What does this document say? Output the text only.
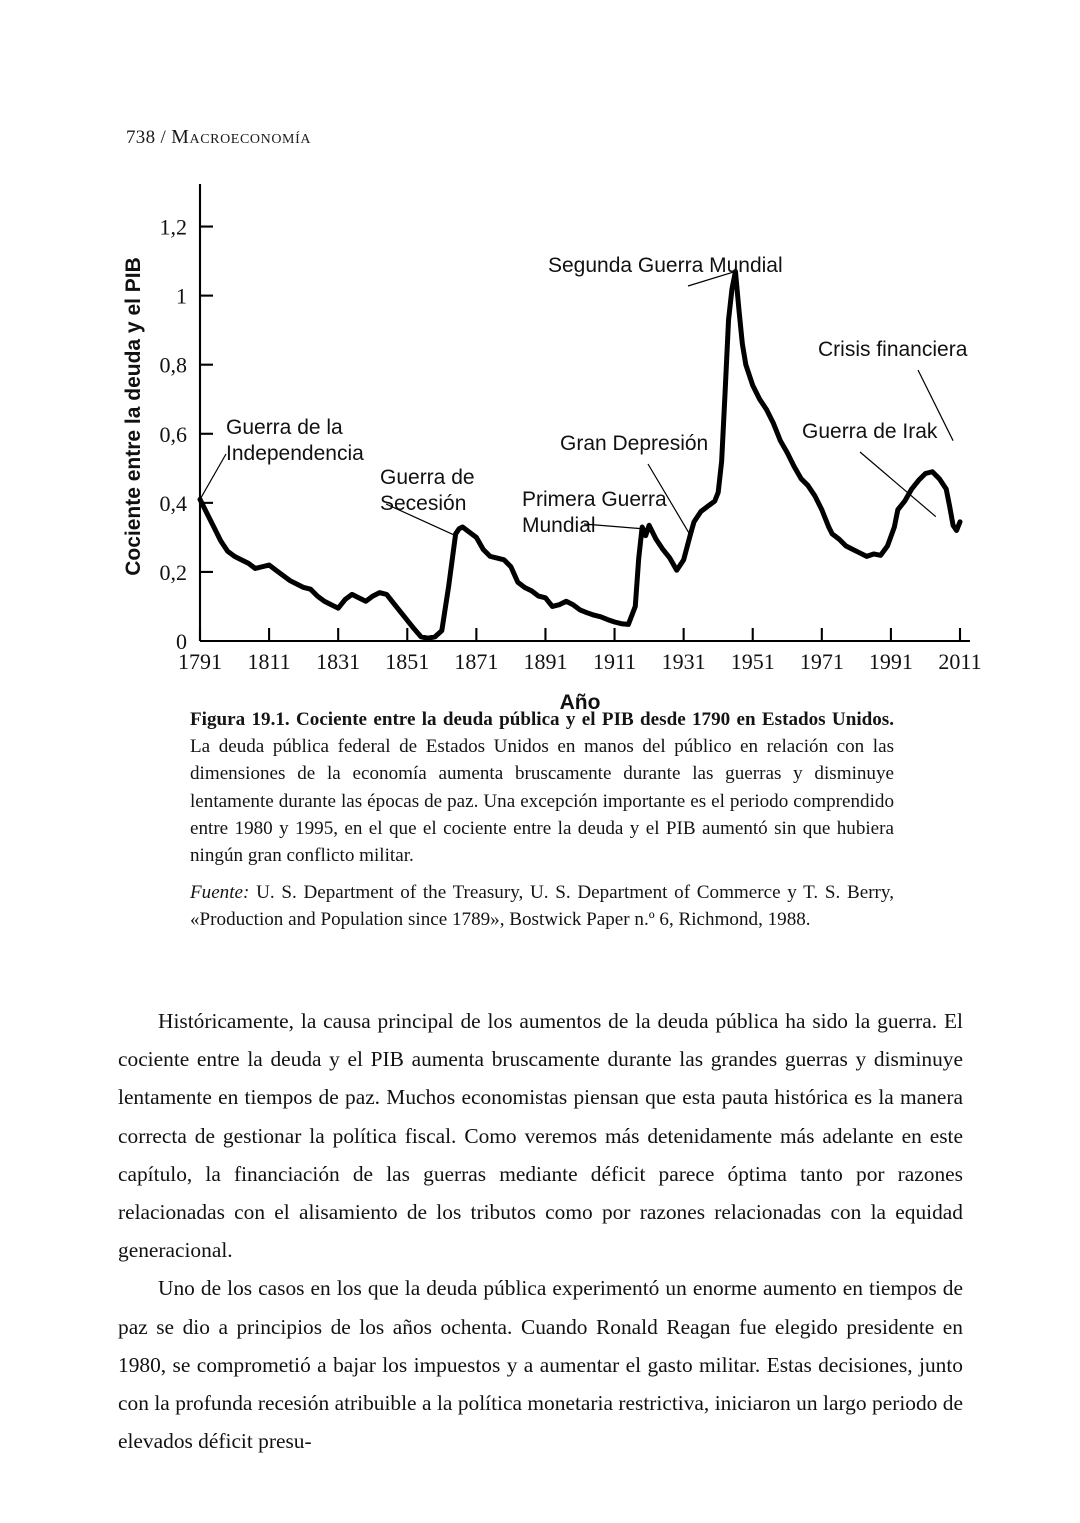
738 / Macroeconomía
0
0,2
0,4
0,6
0,8
1
1,2
1791 1811 1831 1851 1871 1891 1911 1931 1951 1971 1991 2011
Año
Cociente entre la deuda y el PIB	Guerra de la
Independencia
Guerra de
Secesión	Primera Guerra
Mundial
Gran Depresión
Segunda Guerra Mundial
Guerra de Irak
Crisis financiera

Figura 19.1. Cociente entre la deuda pública y el PIB desde 1790 en Estados Unidos. La deuda pública federal de Estados Unidos en manos del público en relación con las dimensiones de la economía aumenta bruscamente durante las guerras y disminuye lentamente durante las épocas de paz. Una excepción importante es el periodo comprendido entre 1980 y 1995, en el que el cociente entre la deuda y el PIB aumentó sin que hubiera ningún gran conflicto militar.

Fuente: U. S. Department of the Treasury, U. S. Department of Commerce y T. S. Berry, «Production and Population since 1789», Bostwick Paper n.º 6, Richmond, 1988.

Históricamente, la causa principal de los aumentos de la deuda pública ha sido la guerra. El cociente entre la deuda y el PIB aumenta bruscamente durante las grandes guerras y disminuye lentamente en tiempos de paz. Muchos economistas piensan que esta pauta histórica es la manera correcta de gestionar la política fiscal. Como veremos más detenidamente más adelante en este capítulo, la financiación de las guerras mediante déficit parece óptima tanto por razones relacionadas con el alisamiento de los tributos como por razones relacionadas con la equidad generacional.

Uno de los casos en los que la deuda pública experimentó un enorme aumento en tiempos de paz se dio a principios de los años ochenta. Cuando Ronald Reagan fue elegido presidente en 1980, se comprometió a bajar los impuestos y a aumentar el gasto militar. Estas decisiones, junto con la profunda recesión atribuible a la política monetaria restrictiva, iniciaron un largo periodo de elevados déficit presu-
